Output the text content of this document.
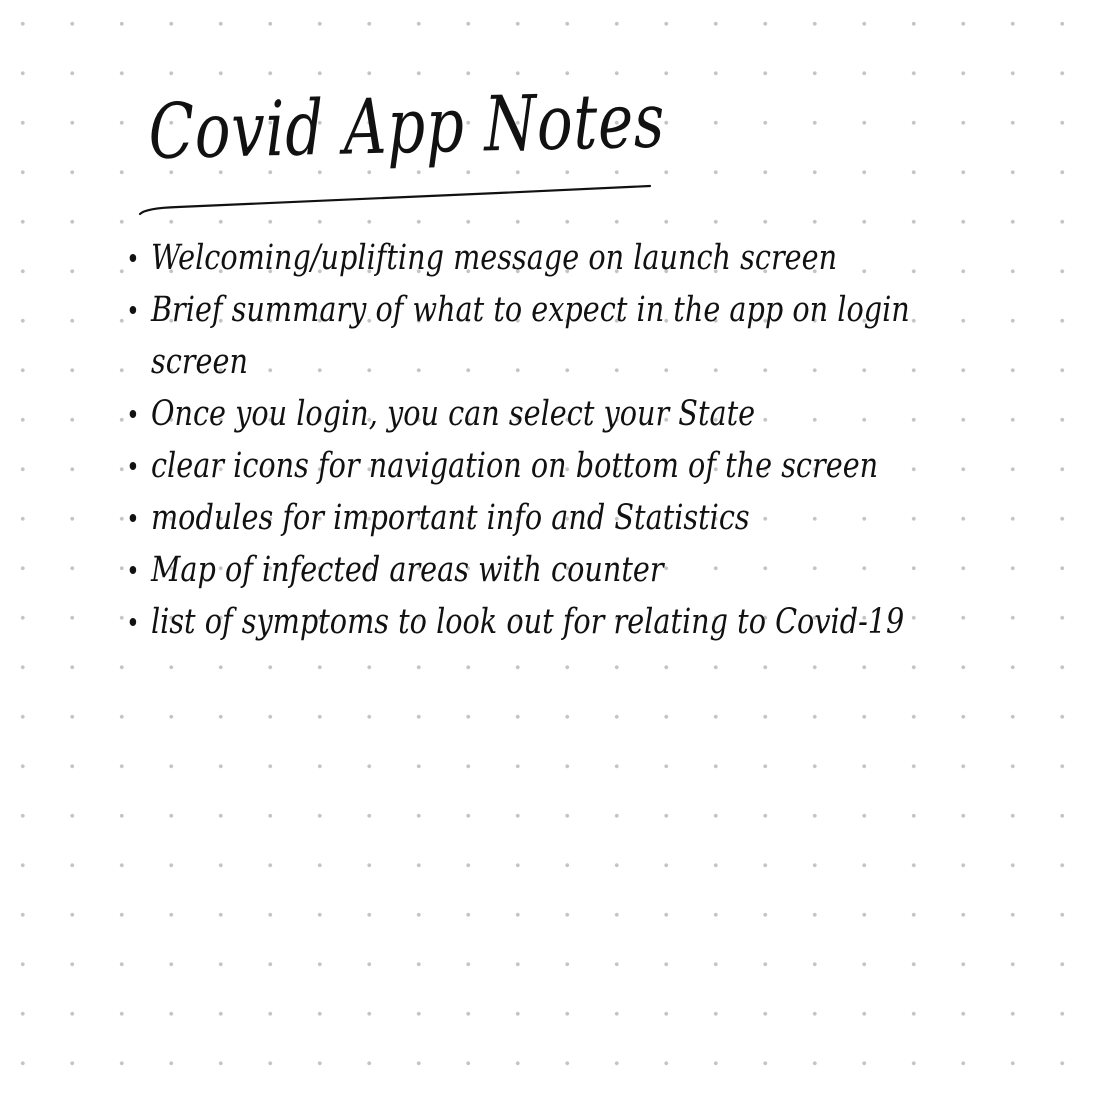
Covid App Notes
Welcoming/uplifting message on launch screen
Brief summary of what to expect in the app on login screen
Once you login, you can select your State
clear icons for navigation on bottom of the screen
modules for important info and Statistics
Map of infected areas with counter
list of symptoms to look out for relating to Covid-19
